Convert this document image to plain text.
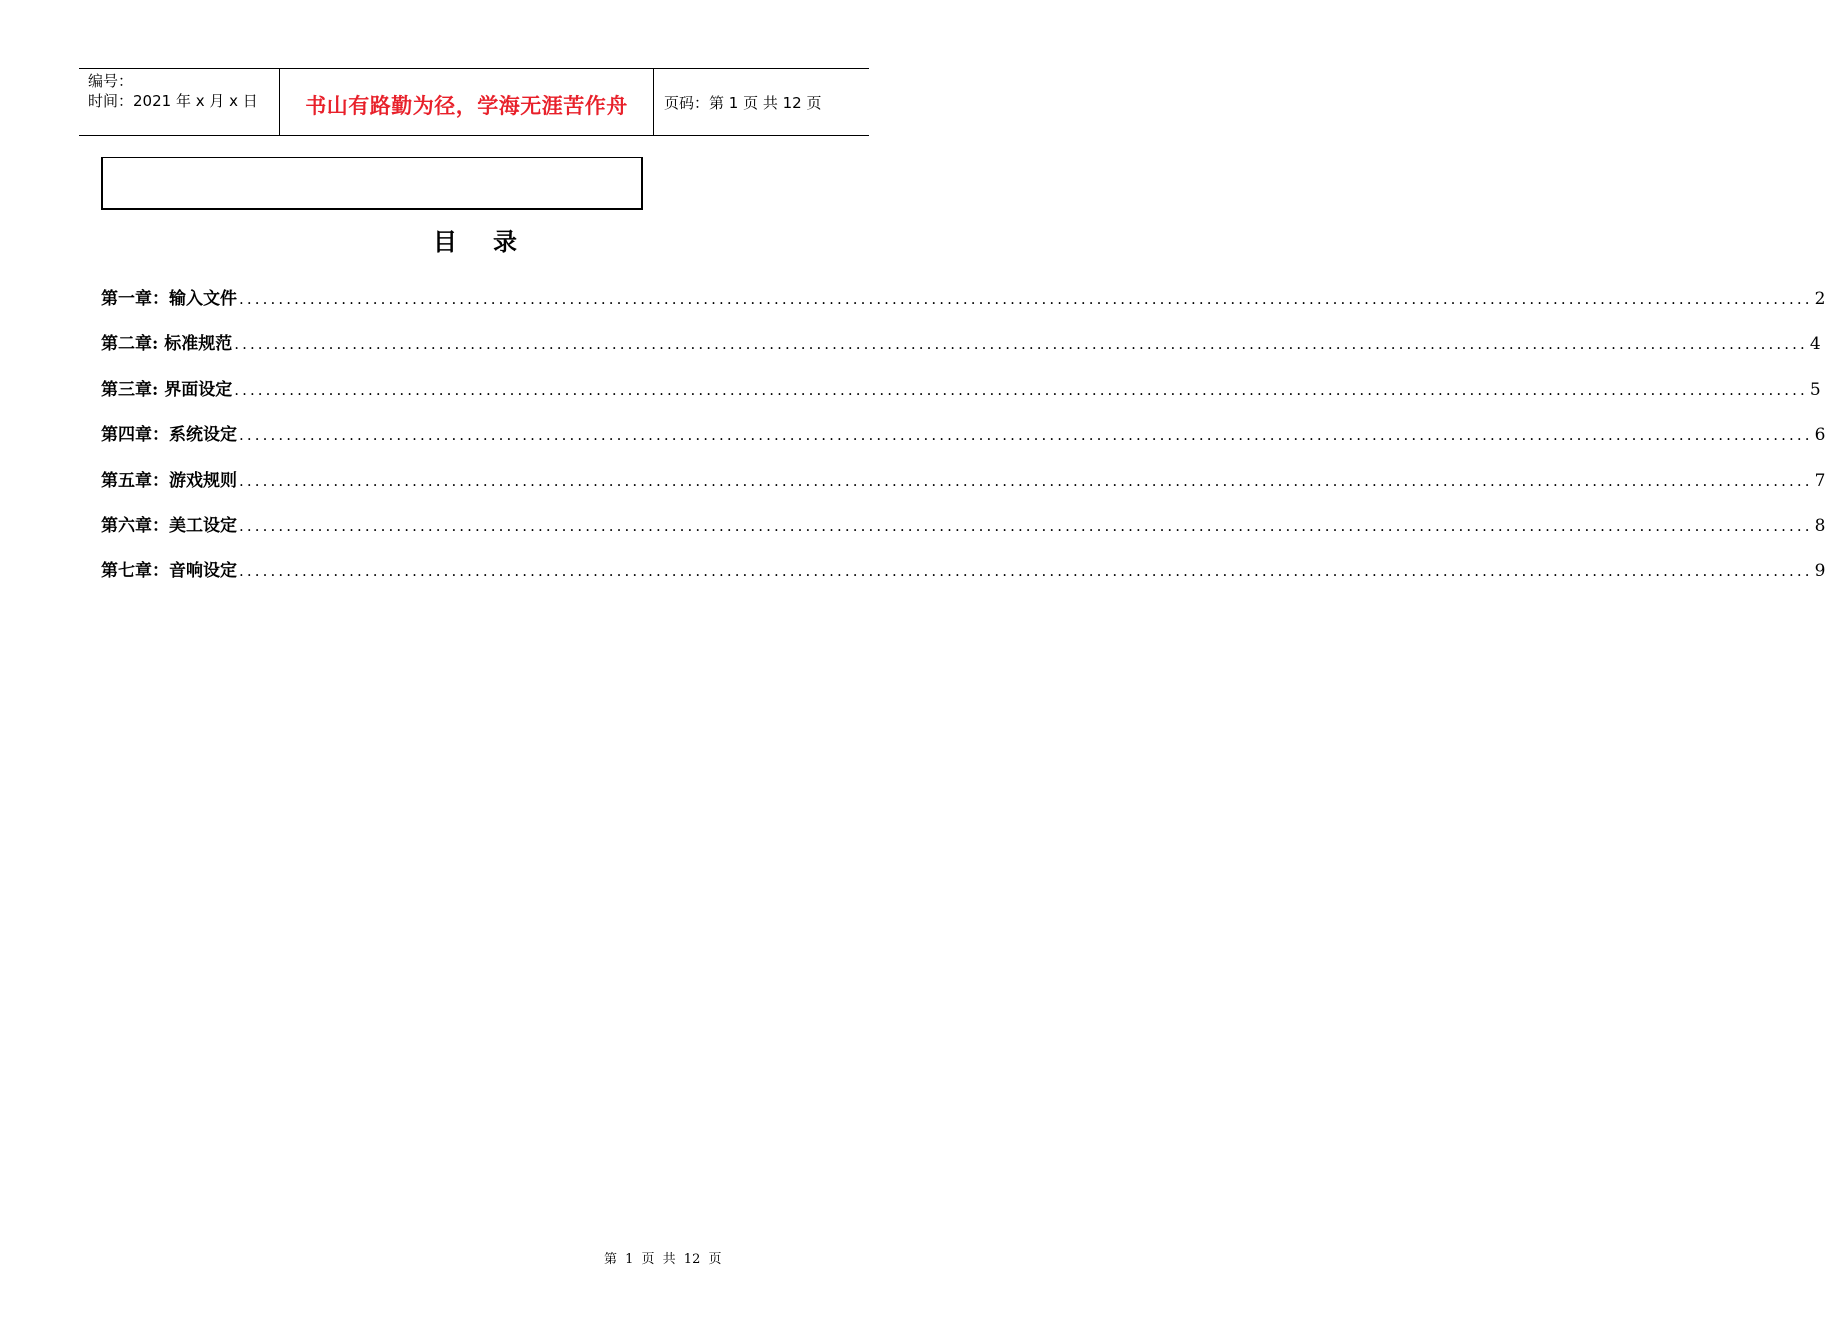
编号：
时间：2021 年 x 月 x 日	书山有路勤为径，学海无涯苦作舟 页码：第 1 页 共 12 页
目录
第一章：输入文件 ........................................................................................................................................................................................................ 2
第二章: 标准规范 ........................................................................................................................................................................................................ 4
第三章: 界面设定 ........................................................................................................................................................................................................ 5
第四章：系统设定 ........................................................................................................................................................................................................ 6
第五章：游戏规则 ........................................................................................................................................................................................................ 7
第六章：美工设定 ........................................................................................................................................................................................................ 8
第七章：音响设定 ........................................................................................................................................................................................................ 9
第 1 页 共 12 页
